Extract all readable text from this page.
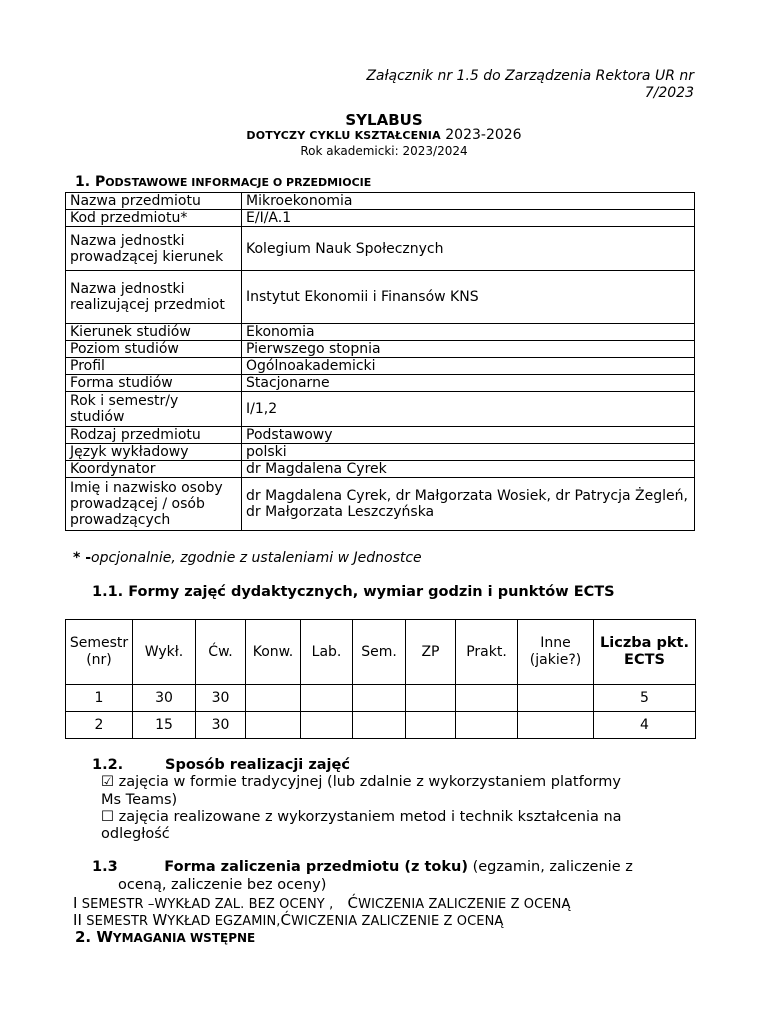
Załącznik nr 1.5 do Zarządzenia Rektora UR nr
7/2023
SYLABUS
DOTYCZY CYKLU KSZTAŁCENIA 2023-2026
Rok akademicki: 2023/2024
1. PODSTAWOWE INFORMACJE O PRZEDMIOCIE
Nazwa przedmiotu	Mikroekonomia
Kod przedmiotu*	E/I/A.1
Nazwa jednostki prowadzącej kierunek	Kolegium Nauk Społecznych
Nazwa jednostki realizującej przedmiot	Instytut Ekonomii i Finansów KNS
Kierunek studiów	Ekonomia
Poziom studiów	Pierwszego stopnia
Profil	Ogólnoakademicki
Forma studiów	Stacjonarne
Rok i semestr/y studiów	I/1,2
Rodzaj przedmiotu	Podstawowy
Język wykładowy	polski
Koordynator	dr Magdalena Cyrek
Imię i nazwisko osoby prowadzącej / osób prowadzących	dr Magdalena Cyrek, dr Małgorzata Wosiek, dr Patrycja Żegleń, dr Małgorzata Leszczyńska
* -opcjonalnie, zgodnie z ustaleniami w Jednostce
1.1. Formy zajęć dydaktycznych, wymiar godzin i punktów ECTS
Semestr (nr)	Wykł.	Ćw.	Konw.	Lab.	Sem.	ZP	Prakt.	Inne (jakie?)	Liczba pkt. ECTS
1	30	30							5
2	15	30							4
1.2.	Sposób realizacji zajęć
☑ zajęcia w formie tradycyjnej (lub zdalnie z wykorzystaniem platformy
Ms Teams)
☐ zajęcia realizowane z wykorzystaniem metod i technik kształcenia na
odległość
1.3	Forma zaliczenia przedmiotu (z toku) (egzamin, zaliczenie z
oceną, zaliczenie bez oceny)
I SEMESTR –WYKŁAD ZAL. BEZ OCENY , ĆWICZENIA ZALICZENIE Z OCENĄ
II SEMESTR WYKŁAD EGZAMIN,ĆWICZENIA ZALICZENIE Z OCENĄ
2. WYMAGANIA WSTĘPNE
